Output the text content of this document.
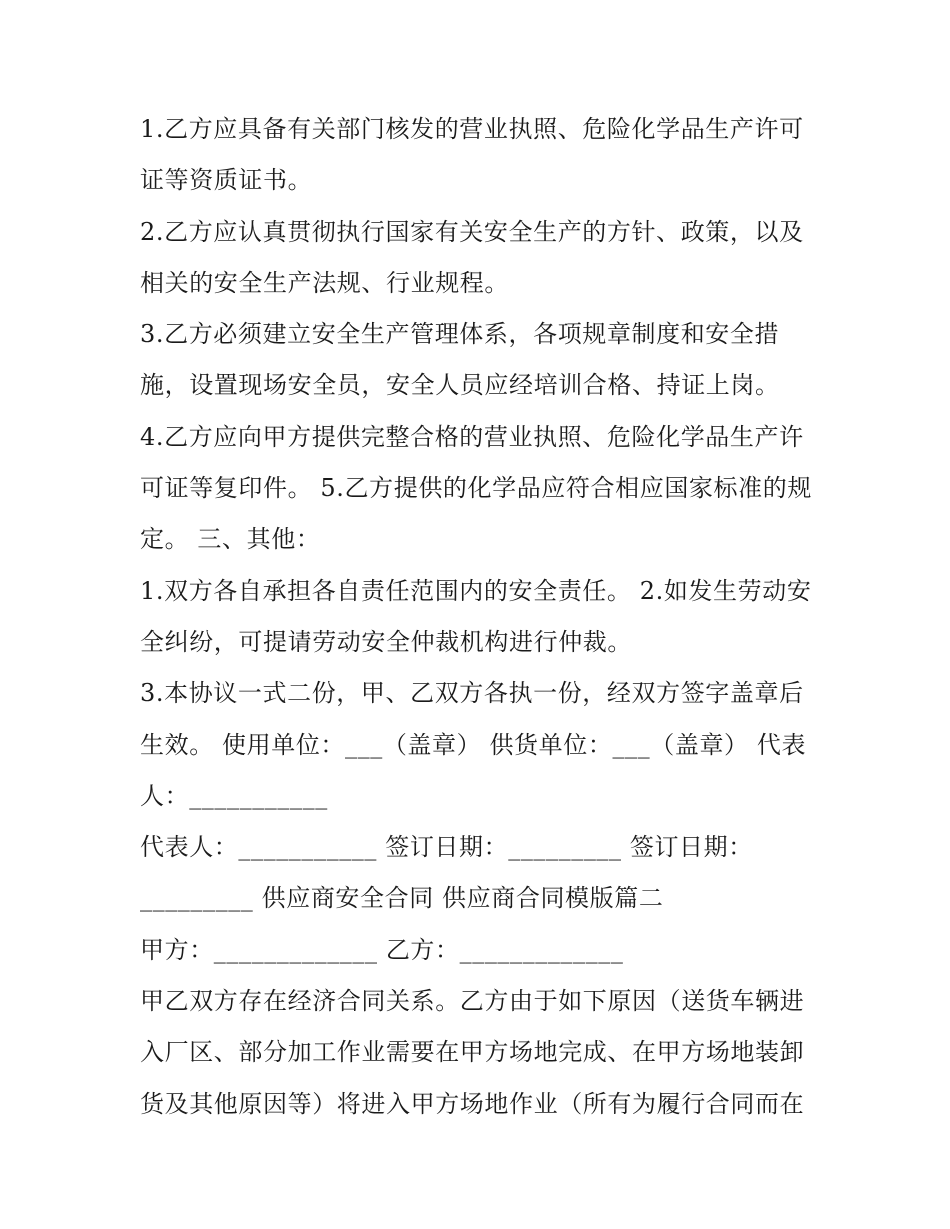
1.乙方应具备有关部门核发的营业执照、危险化学品生产许可
证等资质证书。
2.乙方应认真贯彻执行国家有关安全生产的方针、政策，以及
相关的安全生产法规、行业规程。
3.乙方必须建立安全生产管理体系，各项规章制度和安全措
施，设置现场安全员，安全人员应经培训合格、持证上岗。
4.乙方应向甲方提供完整合格的营业执照、危险化学品生产许
可证等复印件。 5.乙方提供的化学品应符合相应国家标准的规
定。 三、其他：
1.双方各自承担各自责任范围内的安全责任。 2.如发生劳动安
全纠纷，可提请劳动安全仲裁机构进行仲裁。
3.本协议一式二份，甲、乙双方各执一份，经双方签字盖章后
生效。 使用单位：___（盖章） 供货单位：___（盖章） 代表
人：___________
代表人：___________ 签订日期：_________ 签订日期：
_________ 供应商安全合同 供应商合同模版篇二
甲方：_____________ 乙方：_____________
甲乙双方存在经济合同关系。乙方由于如下原因（送货车辆进
入厂区、部分加工作业需要在甲方场地完成、在甲方场地装卸
货及其他原因等）将进入甲方场地作业（所有为履行合同而在
